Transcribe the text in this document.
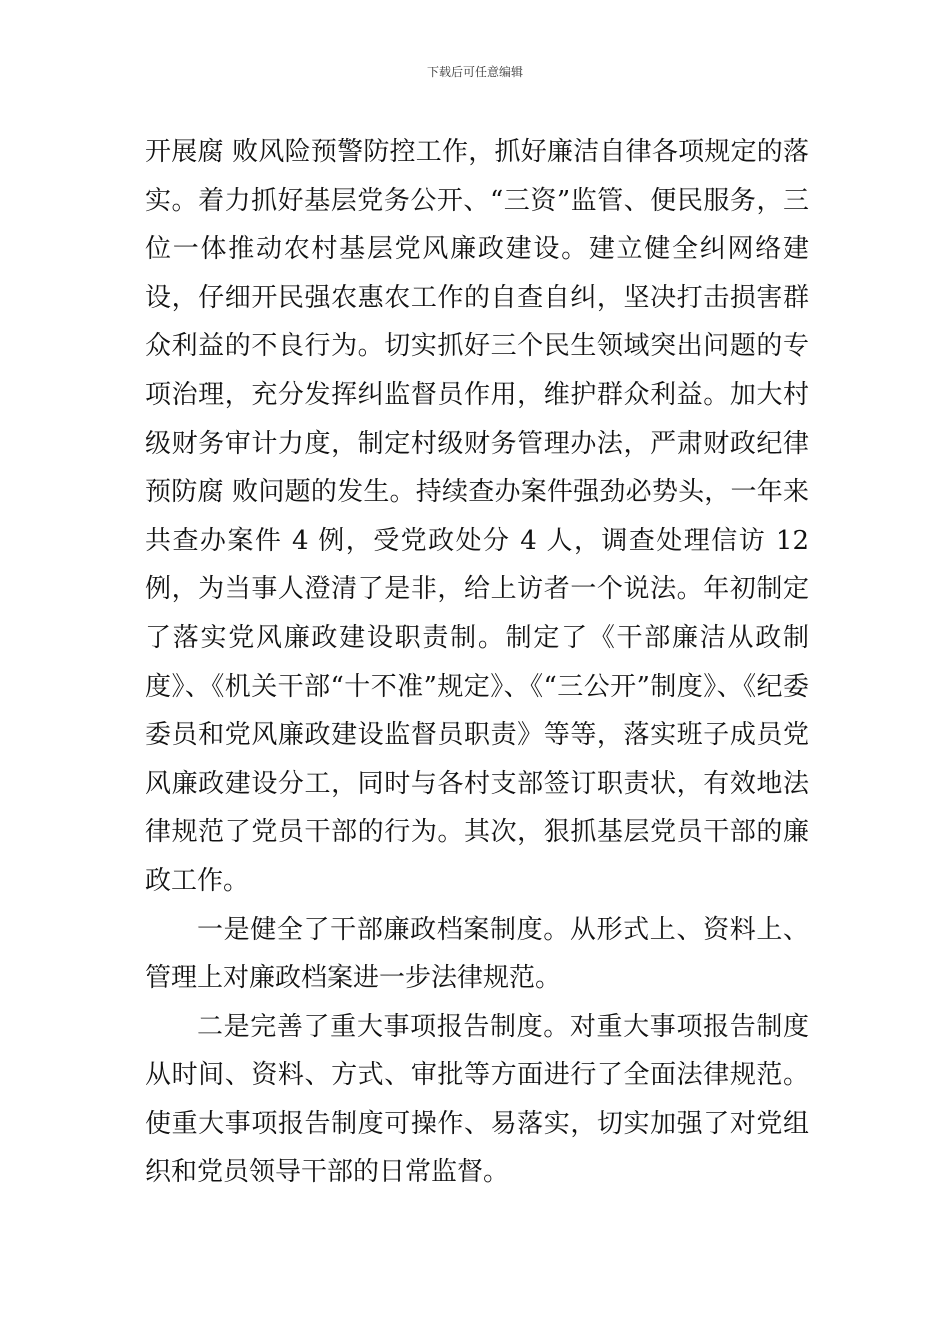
下载后可任意编辑

开展腐 败风险预警防控工作，抓好廉洁自律各项规定的落实。着力抓好基层党务公开、“三资”监管、便民服务，三位一体推动农村基层党风廉政建设。建立健全纠网络建设，仔细开民强农惠农工作的自查自纠，坚决打击损害群众利益的不良行为。切实抓好三个民生领域突出问题的专项治理，充分发挥纠监督员作用，维护群众利益。加大村级财务审计力度，制定村级财务管理办法，严肃财政纪律预防腐 败问题的发生。持续查办案件强劲必势头，一年来共查办案件 4 例，受党政处分 4 人，调查处理信访 12 例，为当事人澄清了是非，给上访者一个说法。年初制定了落实党风廉政建设职责制。制定了《干部廉洁从政制度》、《机关干部“十不准”规定》、《“三公开”制度》、《纪委委员和党风廉政建设监督员职责》等等，落实班子成员党风廉政建设分工，同时与各村支部签订职责状，有效地法律规范了党员干部的行为。其次，狠抓基层党员干部的廉政工作。

一是健全了干部廉政档案制度。从形式上、资料上、管理上对廉政档案进一步法律规范。

二是完善了重大事项报告制度。对重大事项报告制度从时间、资料、方式、审批等方面进行了全面法律规范。使重大事项报告制度可操作、易落实，切实加强了对党组织和党员领导干部的日常监督。
